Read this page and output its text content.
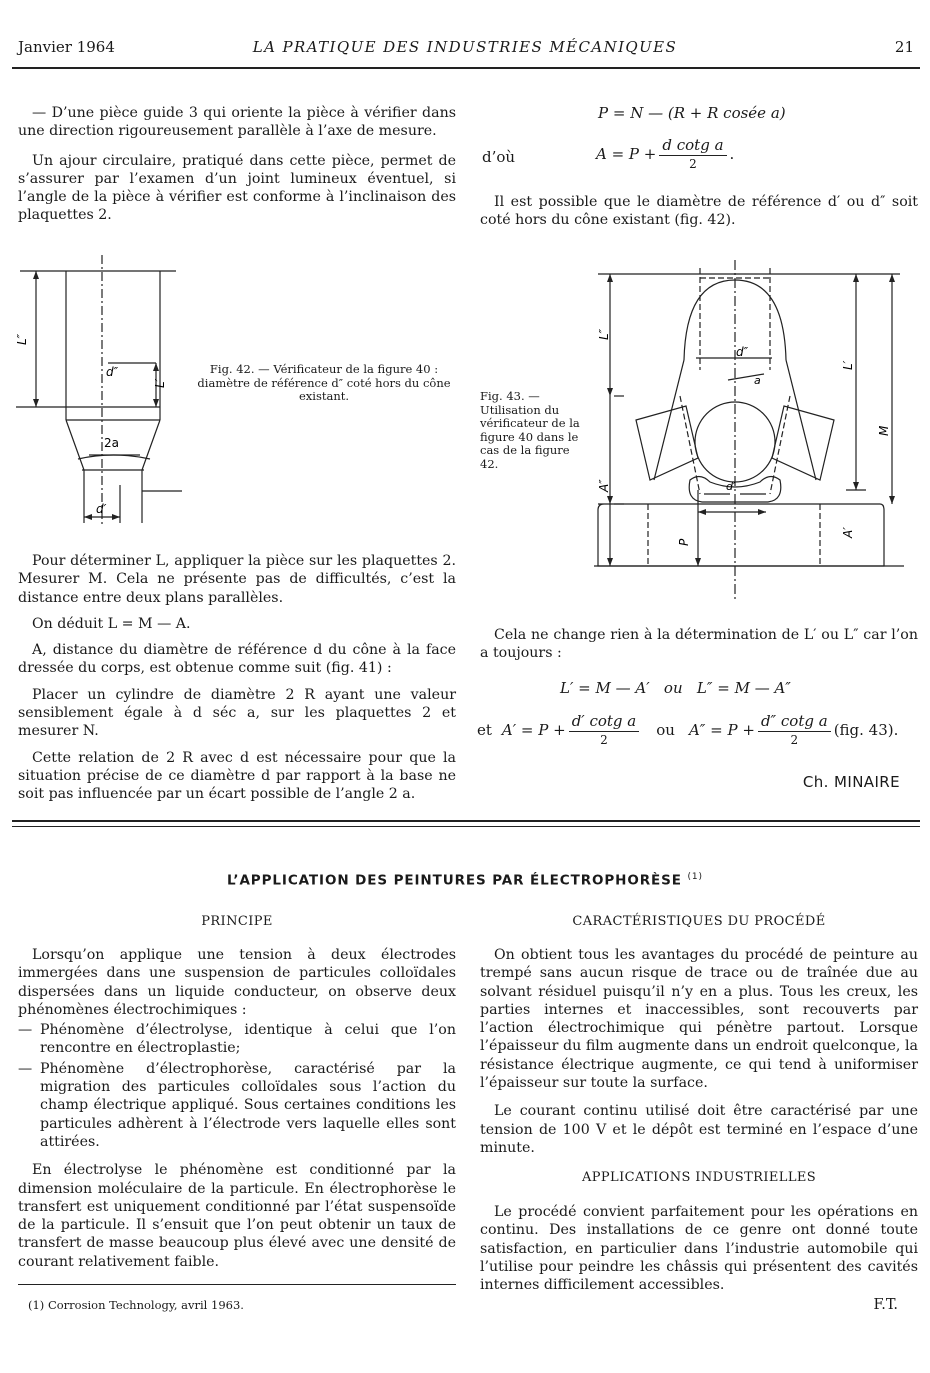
Janvier 1964	LA PRATIQUE DES INDUSTRIES MÉCANIQUES	21

— D’une pièce guide 3 qui oriente la pièce à vérifier dans une direction rigoureusement parallèle à l’axe de mesure.

Un ajour circulaire, pratiqué dans cette pièce, permet de s’assurer par l’examen d’un joint lumineux éventuel, si l’angle de la pièce à vérifier est conforme à l’inclinaison des plaquettes 2.

P = N — (R + R cosée a)
d’où	$A = P + \frac{\text{d cotg a}}{2}$ .

Il est possible que le diamètre de référence d′ ou d″ soit coté hors du cône existant (fig. 42).

L″
d″
L′
2a
d′
Fig. 42. — Vérificateur de la figure 40 : diamètre de référence d″ coté hors du cône existant.	Fig. 43. — Utilisation du vérificateur de la figure 40 dans le cas de la figure 42.
L″
d″
a
L′
M
A″	d′
P
A′

Pour déterminer L, appliquer la pièce sur les plaquettes 2. Mesurer M. Cela ne présente pas de difficultés, c’est la distance entre deux plans parallèles.

On déduit L = M — A.

A, distance du diamètre de référence d du cône à la face dressée du corps, est obtenue comme suit (fig. 41) :

Placer un cylindre de diamètre 2 R ayant une valeur sensiblement égale à d séc a, sur les plaquettes 2 et mesurer N.

Cette relation de 2 R avec d est nécessaire pour que la situation précise de ce diamètre d par rapport à la base ne soit pas influencée par un écart possible de l’angle 2 a.

Cela ne change rien à la détermination de L′ ou L″ car l’on a toujours :

L′ = M — A′   ou   L″ = M — A″
et $A' = P + \frac{\text{d′ cotg a}}{2}$ ou $A'' = P + \frac{\text{d″ cotg a}}{2} (fig$. 43).
Ch. MINAIRE
L’APPLICATION DES PEINTURES PAR ÉLECTROPHORÈSE $^{(1)}$
PRINCIPE

Lorsqu’on applique une tension à deux électrodes immergées dans une suspension de particules colloïdales dispersées dans un liquide conducteur, on observe deux phénomènes électrochimiques :

— Phénomène d’électrolyse, identique à celui que l’on rencontre en électroplastie;
— Phénomène d’électrophorèse, caractérisé par la migration des particules colloïdales sous l’action du champ électrique appliqué. Sous certaines conditions les particules adhèrent à l’électrode vers laquelle elles sont attirées.

En électrolyse le phénomène est conditionné par la dimension moléculaire de la particule. En électrophorèse le transfert est uniquement conditionné par l’état suspensoïde de la particule. Il s’ensuit que l’on peut obtenir un taux de transfert de masse beaucoup plus élevé avec une densité de courant relativement faible.

(1) Corrosion Technology, avril 1963.
CARACTÉRISTIQUES DU PROCÉDÉ

On obtient tous les avantages du procédé de peinture au trempé sans aucun risque de trace ou de traînée due au solvant résiduel puisqu’il n’y en a plus. Tous les creux, les parties internes et inaccessibles, sont recouverts par l’action électrochimique qui pénètre partout. Lorsque l’épaisseur du film augmente dans un endroit quelconque, la résistance électrique augmente, ce qui tend à uniformiser l’épaisseur sur toute la surface.

Le courant continu utilisé doit être caractérisé par une tension de 100 V et le dépôt est terminé en l’espace d’une minute.

APPLICATIONS INDUSTRIELLES

Le procédé convient parfaitement pour les opérations en continu. Des installations de ce genre ont donné toute satisfaction, en particulier dans l’industrie automobile qui l’utilise pour peindre les châssis qui présentent des cavités internes difficilement accessibles.

F.T.
